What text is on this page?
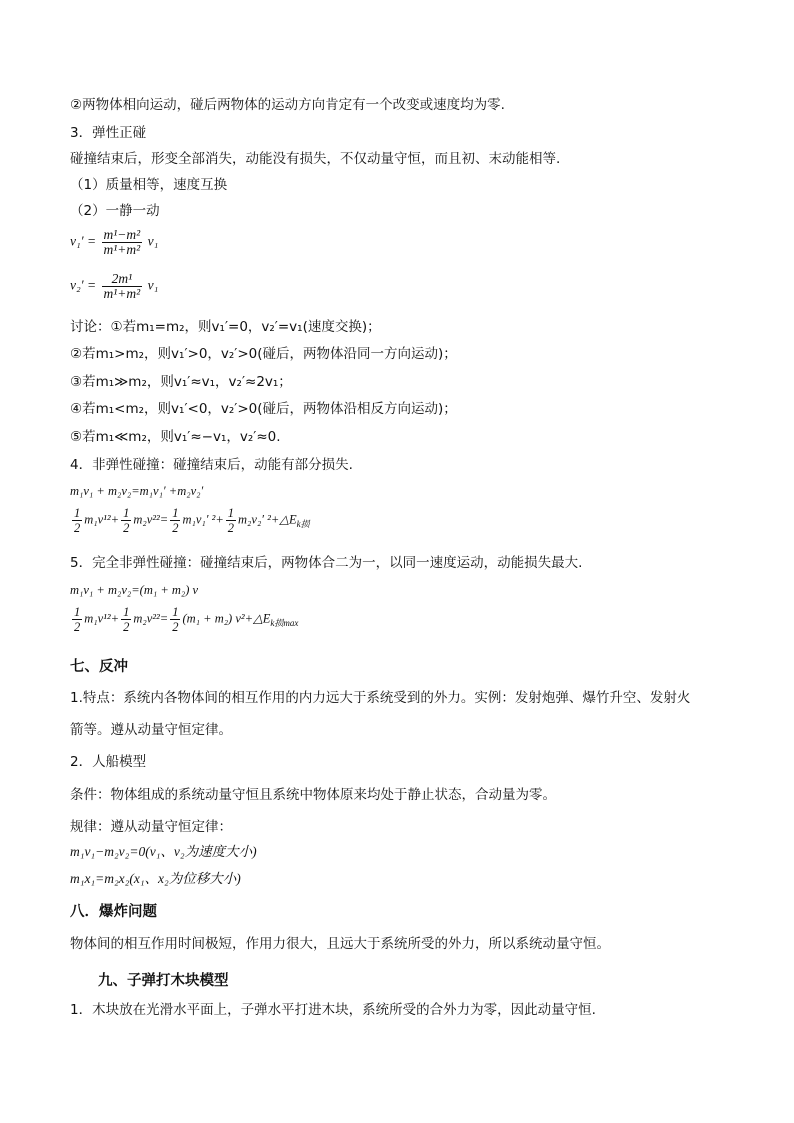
②两物体相向运动，碰后两物体的运动方向肯定有一个改变或速度均为零.
3．弹性正碰
碰撞结束后，形变全部消失，动能没有损失，不仅动量守恒，而且初、末动能相等.
（1）质量相等，速度互换
（2）一静一动
$v_1' = \frac{\text{m¹−m²}}{\text{m¹+m²}} v_1$
$v_2' = \frac{\text{2m¹}}{\text{m¹+m²}} v_1$
讨论：①若m₁=m₂，则v₁′=0，v₂′=v₁(速度交换)；
②若m₁>m₂，则v₁′>0，v₂′>0(碰后，两物体沿同一方向运动)；
③若m₁≫m₂，则v₁′≈v₁，v₂′≈2v₁；
④若m₁<m₂，则v₁′<0，v₂′>0(碰后，两物体沿相反方向运动)；
⑤若m₁≪m₂，则v₁′≈−v₁，v₂′≈0.
4．非弹性碰撞：碰撞结束后，动能有部分损失.
m₁v₁ + m₂v₂=m₁v₁′ +m₂v₂′
$\frac{1}{2} m_1v^{12}+ \frac{1}{2} m_2v^{22}= \frac{1}{2} m_1v_1'$ $^2+ \frac{1}{2} m_2v_2'$ $^2+\triangle E_{k损}$
5．完全非弹性碰撞：碰撞结束后，两物体合二为一，以同一速度运动，动能损失最大.
m₁v₁ + m₂v₂=(m₁ + m₂) v
$\frac{1}{2} m_1v^{12}+ \frac{1}{2} m_2v^{22}= \frac{1}{2} (m_1 + m_2)$ $v^2+\triangle E_{k损max}$
七、反冲
1.特点：系统内各物体间的相互作用的内力远大于系统受到的外力。实例：发射炮弹、爆竹升空、发射火
箭等。遵从动量守恒定律。
2．人船模型
条件：物体组成的系统动量守恒且系统中物体原来均处于静止状态，合动量为零。
规律：遵从动量守恒定律：
m₁v₁−m₂v₂=0(v₁、v₂为速度大小)
m₁x₁=m₂x₂(x₁、x₂为位移大小)
八．爆炸问题
物体间的相互作用时间极短，作用力很大，且远大于系统所受的外力，所以系统动量守恒。
九、子弹打木块模型
1．木块放在光滑水平面上，子弹水平打进木块，系统所受的合外力为零，因此动量守恒.
